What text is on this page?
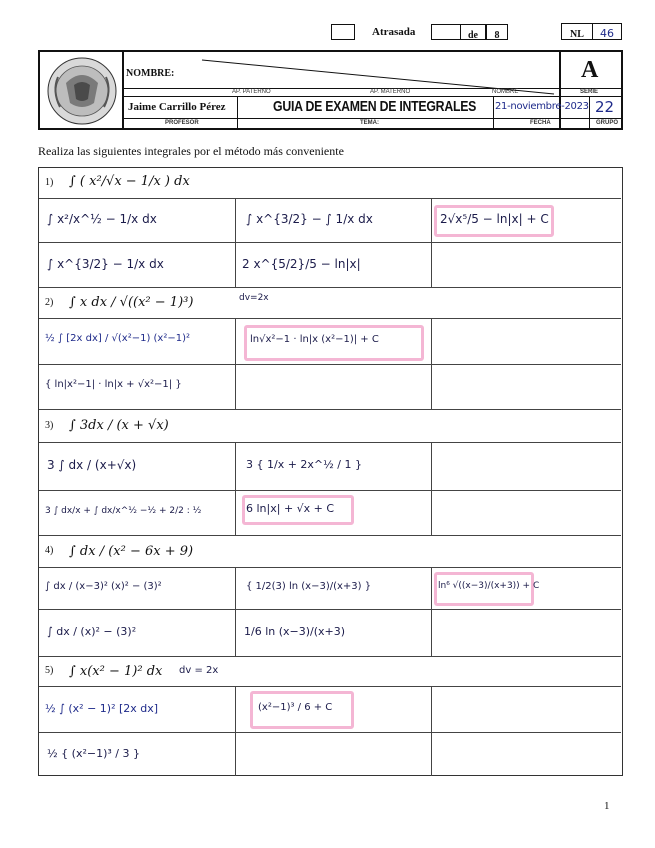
Atrasada	de	8	NL	46
NOMBRE:	A
AP. PATERNO	AP. MATERNO	NOMBRE	SERIE
Jaime Carrillo Pérez	GUIA DE EXAMEN DE INTEGRALES 21-noviembre-2023 22
PROFESOR	TEMA:	FECHA	GRUPO
Realiza las siguientes integrales por el método más conveniente
1) ∫ ( x²/√x − 1/x ) dx
∫ x²/x^½ − 1/x dx	∫ x^{3/2} − ∫ 1/x dx	2√x⁵/5 − ln|x| + C
∫ x^{3/2} − 1/x dx	2 x^{5/2}/5 − ln|x|
2) ∫ x dx / √((x² − 1)³)	dv=2x
½ ∫ [2x dx] / √(x²−1) (x²−1)²	ln√x²−1 · ln|x (x²−1)| + C
{ ln|x²−1| · ln|x + √x²−1| }
3) ∫ 3dx / (x + √x)
3 ∫ dx / (x+√x)	3 { 1/x + 2x^½ / 1 }
3 ∫ dx/x + ∫ dx/x^½ −½ + 2/2 : ½	6 ln|x| + √x + C
4) ∫ dx / (x² − 6x + 9)
∫ dx / (x−3)² (x)² − (3)²	{ 1/2(3) ln (x−3)/(x+3) }	ln⁶ √((x−3)/(x+3)) + C
∫ dx / (x)² − (3)²	1/6 ln (x−3)/(x+3)
5) ∫ x(x² − 1)² dx dv = 2x
½ ∫ (x² − 1)² [2x dx]	(x²−1)³ / 6 + C
½ { (x²−1)³ / 3 }
1
